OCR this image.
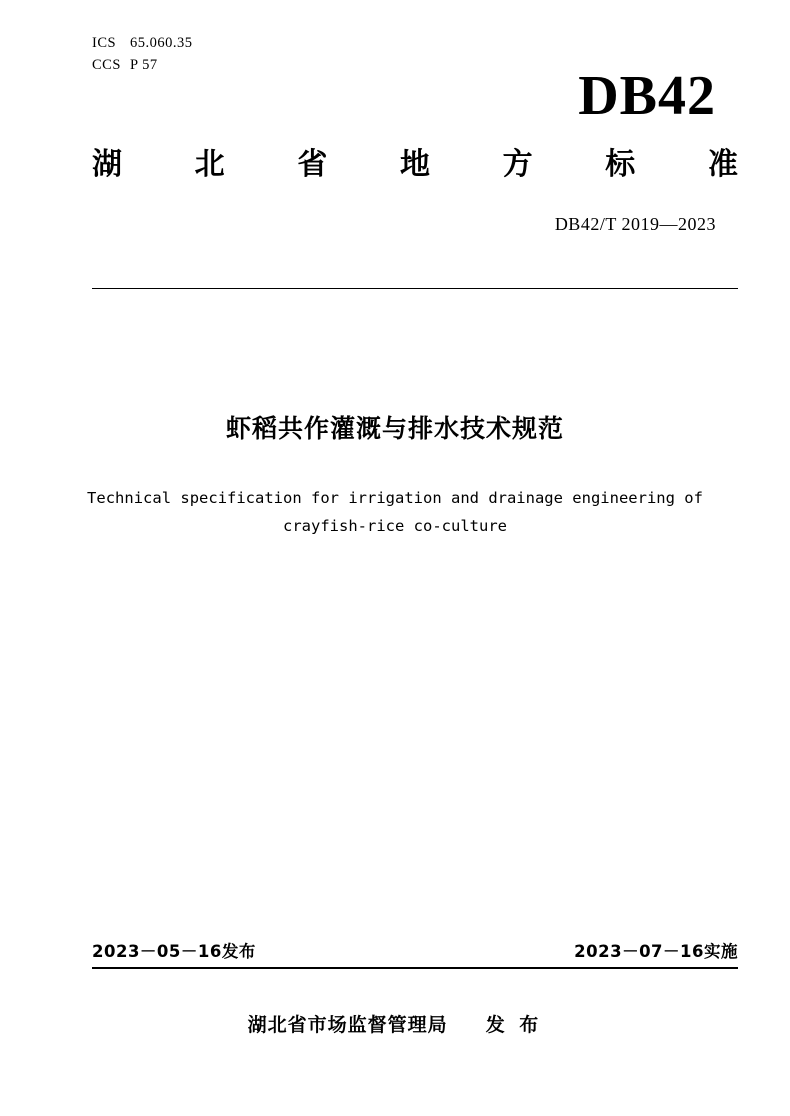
ICS 65.060.35
CCS P 57	DB42
湖 北 省 地 方 标 准
DB42/T 2019—2023
虾稻共作灌溉与排水技术规范
Technical specification for irrigation and drainage engineering of
crayfish-rice co-culture
2023－05－16发布	2023－07－16实施
湖北省市场监督管理局 发 布
